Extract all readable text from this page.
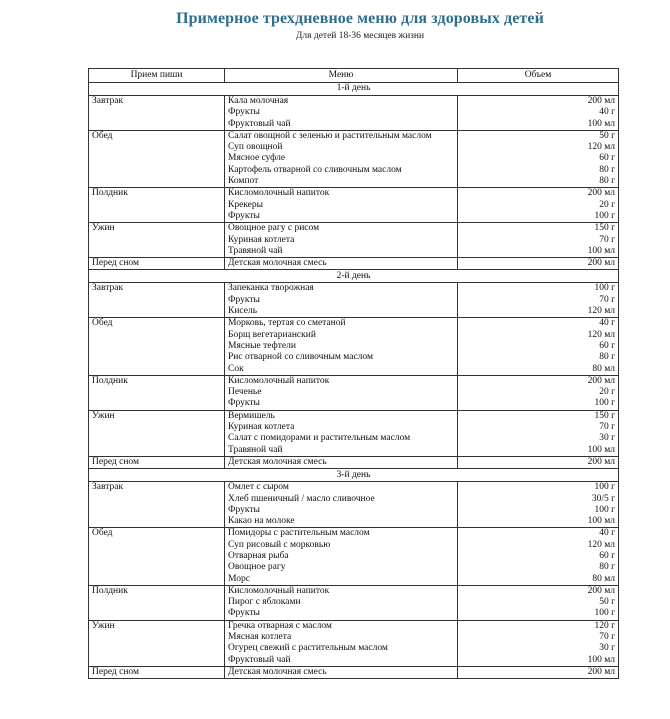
Примерное трехдневное меню для здоровых детей
Для детей 18-36 месяцев жизни
Прием пиши	Меню	Объем
1-й день		
Завтрак	Кала молочная	200 мл
	Фрукты	40 г
	Фруктовый чай	100 мл
Обед	Салат овощной с зеленью и растительным маслом	50 г
	Суп овощной	120 мл
	Мясное суфле	60 г
	Картофель отварной со сливочным маслом	80 г
	Компот	80 г
Полдник	Кисломолочный напиток	200 мл
	Крекеры	20 г
	Фрукты	100 г
Ужин	Овощное рагу с рисом	150 г
	Куриная котлета	70 г
	Травяной чай	100 мл
Перед сном	Детская молочная смесь	200 мл
2-й день		
Завтрак	Запеканка творожная	100 г
	Фрукты	70 г
	Кисель	120 мл
Обед	Морковь, тертая со сметаной	40 г
	Борщ вегетарианский	120 мл
	Мясные тефтели	60 г
	Рис отварной со сливочным маслом	80 г
	Сок	80 мл
Полдник	Кисломолочный напиток	200 мл
	Печенье	20 г
	Фрукты	100 г
Ужин	Вермишель	150 г
	Куриная котлета	70 г
	Салат с помидорами и растительным маслом	30 г
	Травяной чай	100 мл
Перед сном	Детская молочная смесь	200 мл
3-й день		
Завтрак	Омлет с сыром	100 г
	Хлеб пшеничный / масло сливочное	30/5 г
	Фрукты	100 г
	Какао на молоке	100 мл
Обед	Помидоры с растительным маслом	40 г
	Суп рисовый с морковью	120 мл
	Отварная рыба	60 г
	Овощное рагу	80 г
	Морс	80 мл
Полдник	Кисломолочный напиток	200 мл
	Пирог с яблоками	50 г
	Фрукты	100 г
Ужин	Гречка отварная с маслом	120 г
	Мясная котлета	70 г
	Огурец свежий с растительным маслом	30 г
	Фруктовый чай	100 мл
Перед сном	Детская молочная смесь	200 мл
